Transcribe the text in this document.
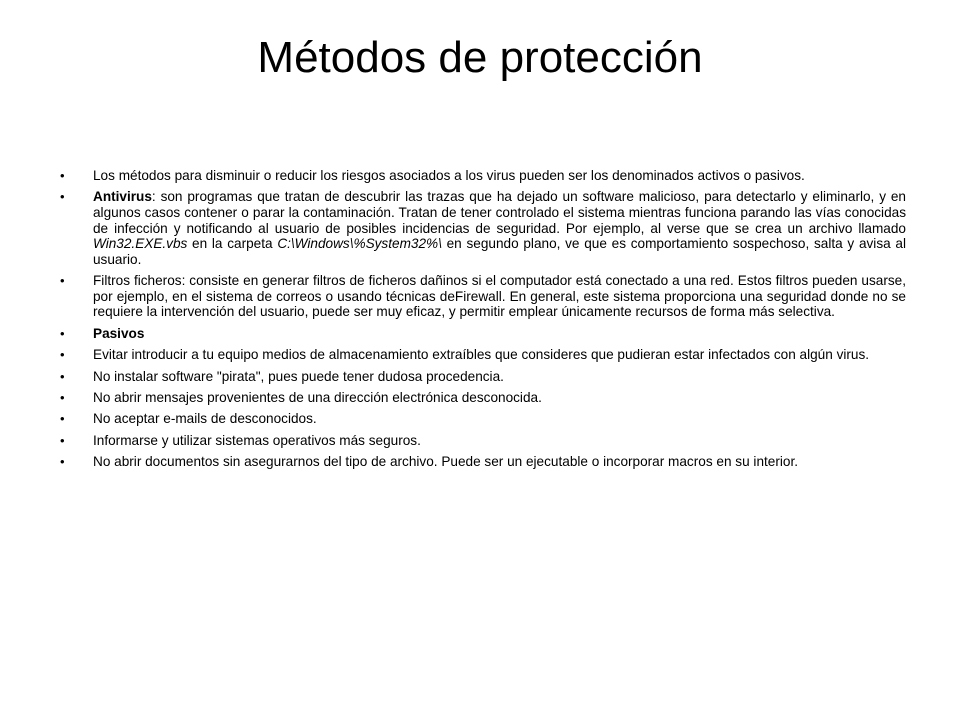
Métodos de protección
• Los métodos para disminuir o reducir los riesgos asociados a los virus pueden ser los denominados activos o pasivos.
• Antivirus: son programas que tratan de descubrir las trazas que ha dejado un software malicioso, para detectarlo y eliminarlo, y en algunos casos contener o parar la contaminación. Tratan de tener controlado el sistema mientras funciona parando las vías conocidas de infección y notificando al usuario de posibles incidencias de seguridad. Por ejemplo, al verse que se crea un archivo llamado Win32.EXE.vbs en la carpeta C:\Windows\%System32%\ en segundo plano, ve que es comportamiento sospechoso, salta y avisa al usuario.
• Filtros ficheros: consiste en generar filtros de ficheros dañinos si el computador está conectado a una red. Estos filtros pueden usarse, por ejemplo, en el sistema de correos o usando técnicas deFirewall. En general, este sistema proporciona una seguridad donde no se requiere la intervención del usuario, puede ser muy eficaz, y permitir emplear únicamente recursos de forma más selectiva.
• Pasivos
• Evitar introducir a tu equipo medios de almacenamiento extraíbles que consideres que pudieran estar infectados con algún virus.
• No instalar software "pirata", pues puede tener dudosa procedencia.
• No abrir mensajes provenientes de una dirección electrónica desconocida.
• No aceptar e-mails de desconocidos.
• Informarse y utilizar sistemas operativos más seguros.
• No abrir documentos sin asegurarnos del tipo de archivo. Puede ser un ejecutable o incorporar macros en su interior.
